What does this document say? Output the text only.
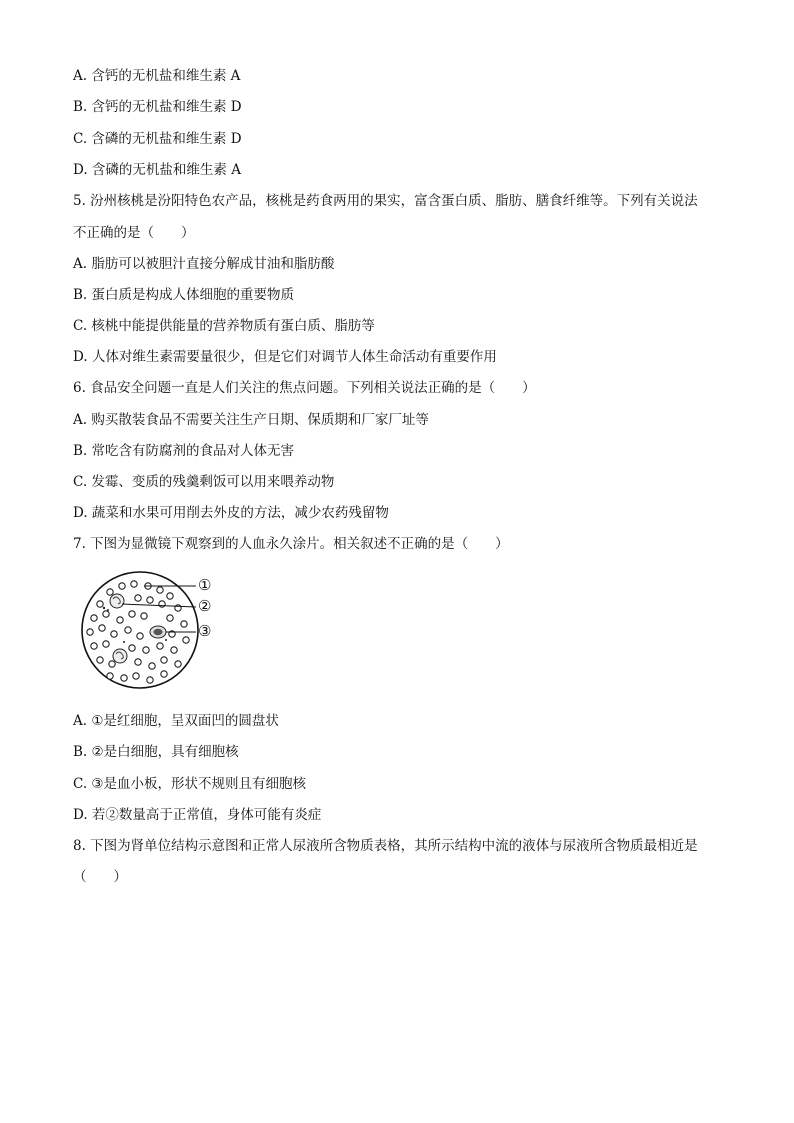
A. 含钙的无机盐和维生素 A
B. 含钙的无机盐和维生素 D
C. 含磷的无机盐和维生素 D
D. 含磷的无机盐和维生素 A
5. 汾州核桃是汾阳特色农产品，核桃是药食两用的果实，富含蛋白质、脂肪、膳食纤维等。下列有关说法
不正确的是（　　）
A. 脂肪可以被胆汁直接分解成甘油和脂肪酸
B. 蛋白质是构成人体细胞的重要物质
C. 核桃中能提供能量的营养物质有蛋白质、脂肪等
D. 人体对维生素需要量很少，但是它们对调节人体生命活动有重要作用
6. 食品安全问题一直是人们关注的焦点问题。下列相关说法正确的是（　　）
A. 购买散装食品不需要关注生产日期、保质期和厂家厂址等
B. 常吃含有防腐剂的食品对人体无害
C. 发霉、变质的残羹剩饭可以用来喂养动物
D. 蔬菜和水果可用削去外皮的方法，减少农药残留物
7. 下图为显微镜下观察到的人血永久涂片。相关叙述不正确的是（　　）
①
②
③
A. ①是红细胞，呈双面凹的圆盘状
B. ②是白细胞，具有细胞核
C. ③是血小板，形状不规则且有细胞核
D. 若②数量高于正常值，身体可能有炎症
8. 下图为肾单位结构示意图和正常人尿液所含物质表格，其所示结构中流的液体与尿液所含物质最相近是
（　　）
